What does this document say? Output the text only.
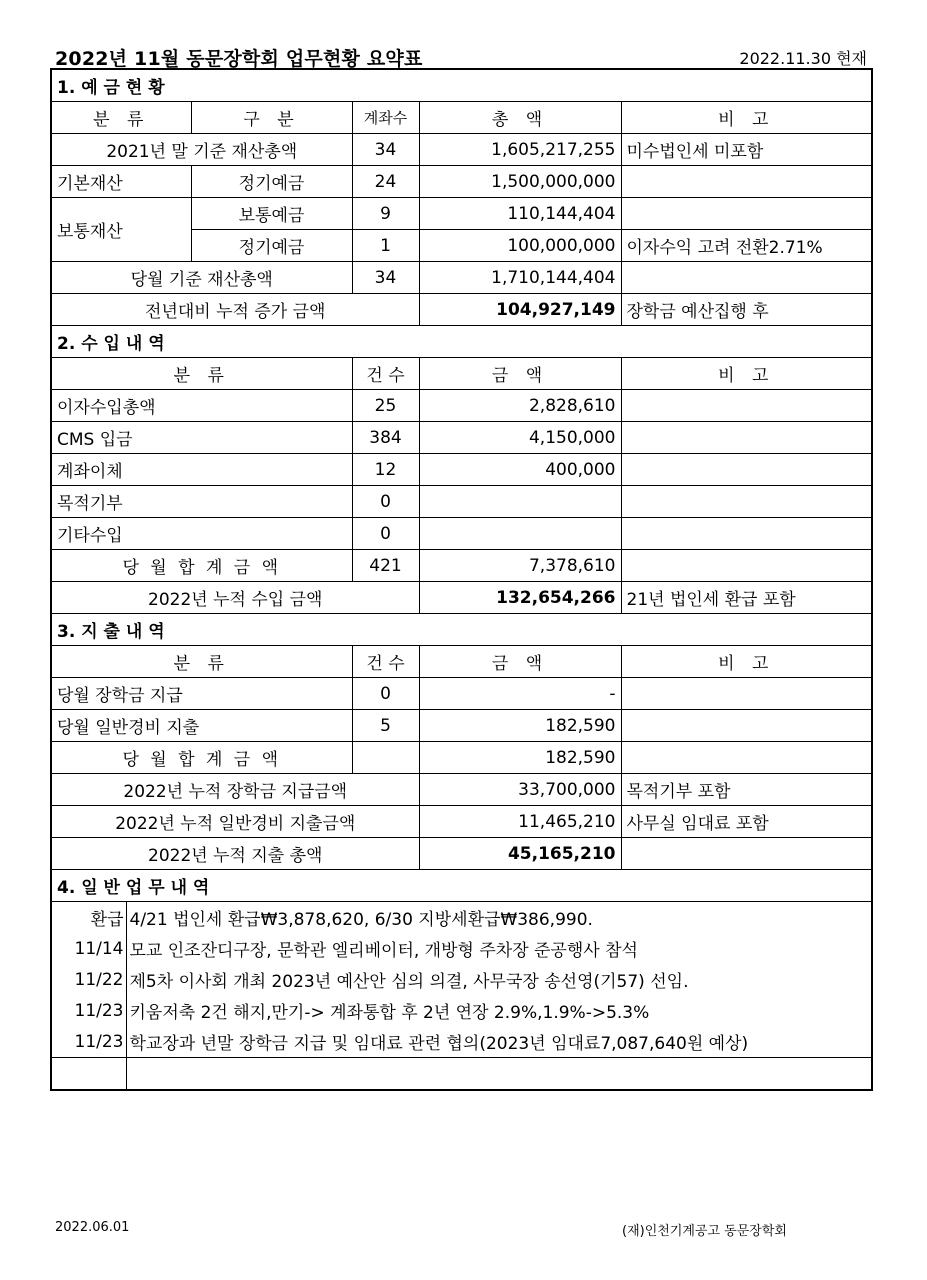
2022년 11월 동문장학회 업무현황 요약표	2022.11.30 현재
1. 예 금 현 황					
분 류		구 분	계좌수	총 액	비 고
2021년 말 기준 재산총액			34	1,605,217,255	미수법인세 미포함
기본재산		정기예금	24	1,500,000,000	
보통재산		보통예금	9	110,144,404	
		정기예금	1	100,000,000	이자수익 고려 전환2.71%
당월 기준 재산총액			34	1,710,144,404	
전년대비 누적 증가 금액				104,927,149	장학금 예산집행 후
2. 수 입 내 역					
분 류			건 수	금 액	비 고
이자수입총액			25	2,828,610	
CMS 입금			384	4,150,000	
계좌이체			12	400,000	
목적기부			0		
기타수입			0		
당 월 합 계 금 액			421	7,378,610	
2022년 누적 수입 금액				132,654,266	21년 법인세 환급 포함
3. 지 출 내 역					
분 류			건 수	금 액	비 고
당월 장학금 지급			0	-	
당월 일반경비 지출			5	182,590	
당 월 합 계 금 액				182,590	
2022년 누적 장학금 지급금액				33,700,000	목적기부 포함
2022년 누적 일반경비 지출금액				11,465,210	사무실 임대료 포함
2022년 누적 지출 총액				45,165,210	
4. 일 반 업 무 내 역					
환급	4/21 법인세 환급₩3,878,620, 6/30 지방세환급₩386,990.				
11/14	모교 인조잔디구장, 문학관 엘리베이터, 개방형 주차장 준공행사 참석				
11/22	제5차 이사회 개최 2023년 예산안 심의 의결, 사무국장 송선영(기57) 선임.				
11/23	키움저축 2건 해지,만기-> 계좌통합 후 2년 연장 2.9%,1.9%->5.3%				
11/23	학교장과 년말 장학금 지급 및 임대료 관련 협의(2023년 임대료7,087,640원 예상)				

2022.06.01	(재)인천기계공고 동문장학회
